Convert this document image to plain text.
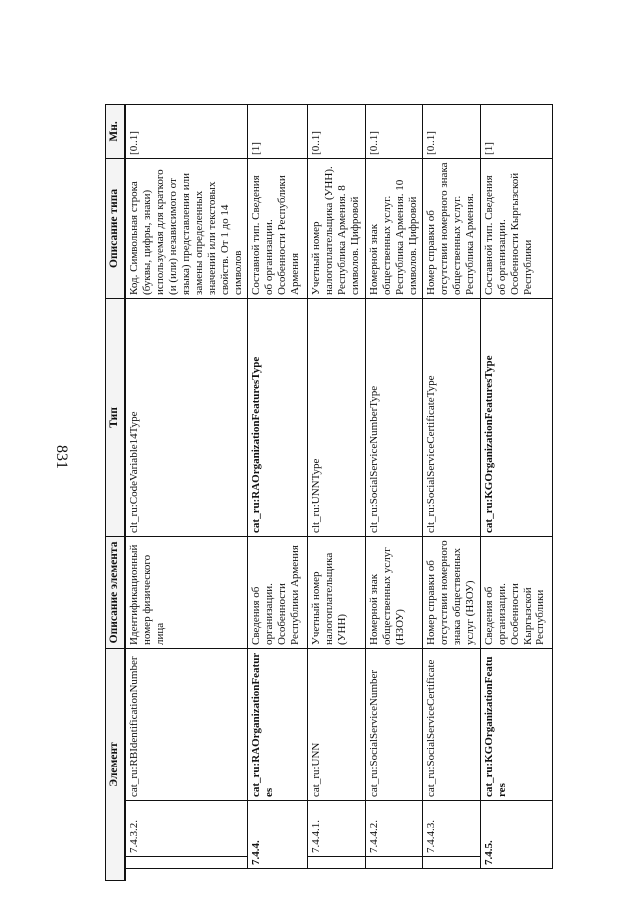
831
Элемент				Описание элемента	Тип	Описание типа	Мн.
		7.4.3.2.	cat_ru:RBIdentificationNumber	Идентификационный номер физического лица	clt_ru:CodeVariable14Type	Код. Символьная строка (буквы, цифры, знаки) используемая для краткого (и (или) независимого от языка) представления или замены определенных значений или текстовых свойств. От 1 до 14 символов	[0..1]
	7.4.4.		cat_ru:RAOrganizationFeatures	Сведения об организации. Особенности Республики Армения	cat_ru:RAOrganizationFeaturesType	Составной тип. Сведения об организации. Особенности Республики Армения	[1]
		7.4.4.1.	cat_ru:UNN	Учетный номер налогоплательщика (УНН)	clt_ru:UNNType	Учетный номер налогоплательщика (УНН). Республика Армения. 8 символов. Цифровой	[0..1]
		7.4.4.2.	cat_ru:SocialServiceNumber	Номерной знак общественных услуг (НЗОУ)	clt_ru:SocialServiceNumberType	Номерной знак общественных услуг. Республика Армения. 10 символов. Цифровой	[0..1]
		7.4.4.3.	cat_ru:SocialServiceCertificate	Номер справки об отсутствии номерного знака общественных услуг (НЗОУ)	clt_ru:SocialServiceCertificateType	Номер справки об отсутствии номерного знака общественных услуг. Республика Армения.	[0..1]
	7.4.5.		cat_ru:KGOrganizationFeatures	Сведения об организации. Особенности Кыргызской Республики	cat_ru:KGOrganizationFeaturesType	Составной тип. Сведения об организации. Особенности Кыргызской Республики	[1]
